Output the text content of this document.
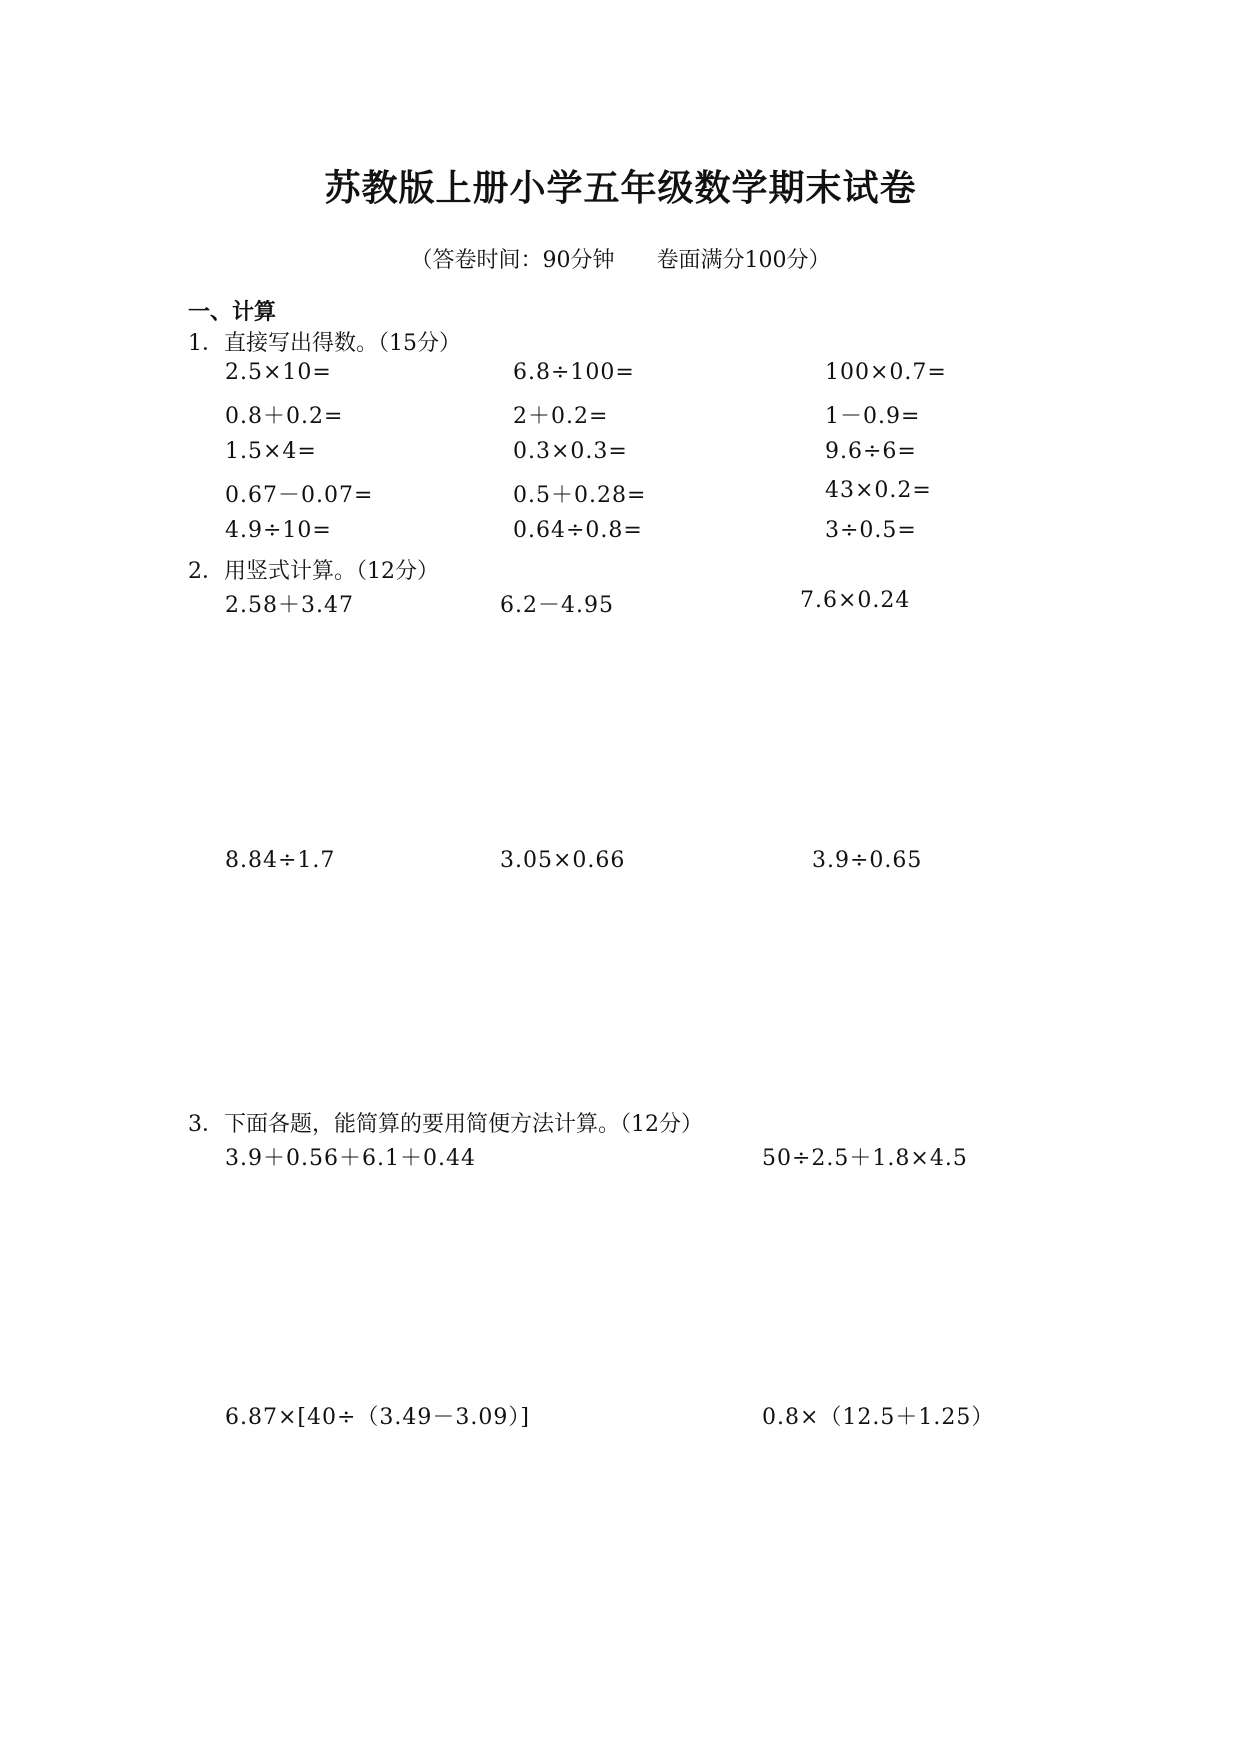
苏教版上册小学五年级数学期末试卷
（答卷时间：90分钟      卷面满分100分）
一、计算
1．直接写出得数。（15分）
2.5×10=	6.8÷100=	100×0.7=
0.8＋0.2=	2＋0.2=	1－0.9=
1.5×4=	0.3×0.3=	9.6÷6=
0.67－0.07=	0.5＋0.28=	43×0.2=
4.9÷10=	0.64÷0.8=	3÷0.5=
2．用竖式计算。（12分）
2.58＋3.47	6.2－4.95	7.6×0.24
8.84÷1.7	3.05×0.66	3.9÷0.65
3．下面各题，能简算的要用简便方法计算。（12分）
3.9＋0.56＋6.1＋0.44	50÷2.5＋1.8×4.5
6.87×[40÷（3.49－3.09）]	0.8×（12.5＋1.25）
